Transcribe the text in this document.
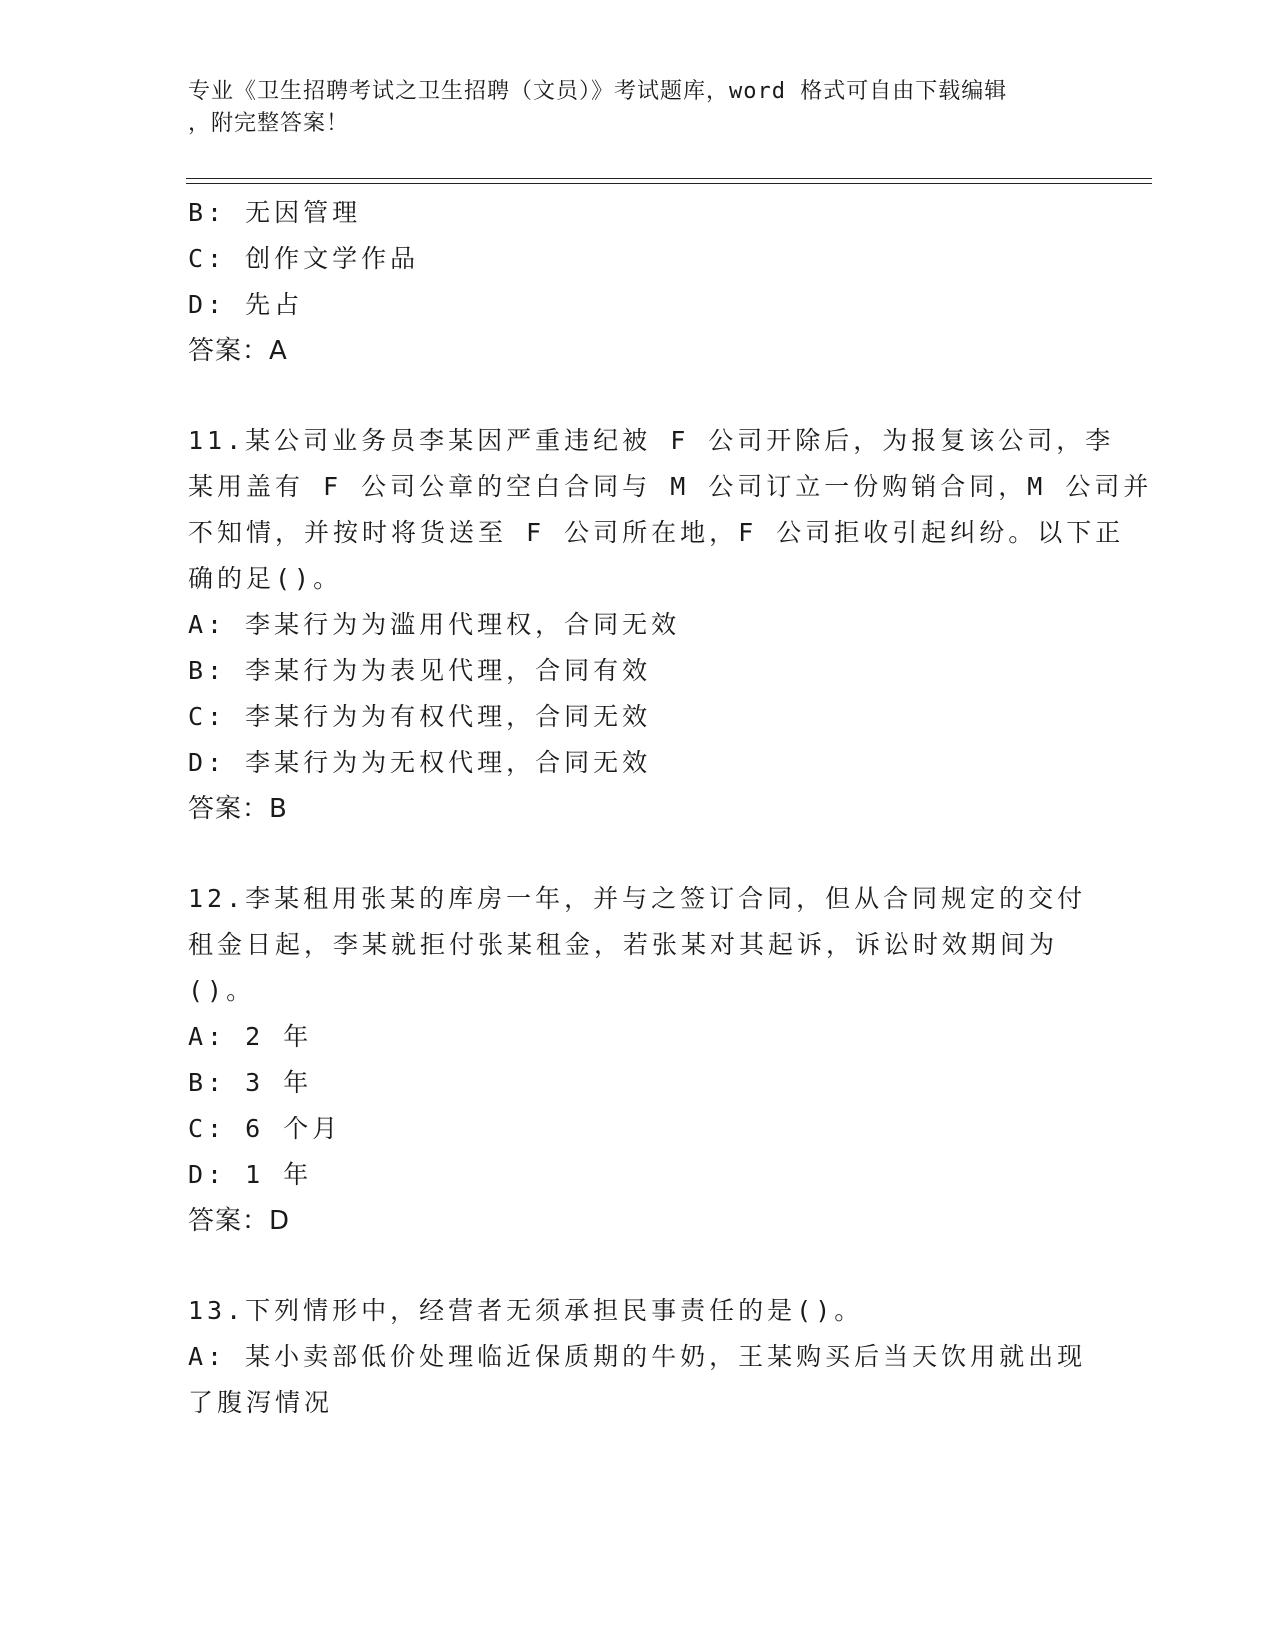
专业《卫生招聘考试之卫生招聘（文员）》考试题库，word 格式可自由下载编辑
，附完整答案！
B: 无因管理
C: 创作文学作品
D: 先占
答案：A
11.某公司业务员李某因严重违纪被 F 公司开除后，为报复该公司，李
某用盖有 F 公司公章的空白合同与 M 公司订立一份购销合同，M 公司并
不知情，并按时将货送至 F 公司所在地，F 公司拒收引起纠纷。以下正
确的足()。
A: 李某行为为滥用代理权，合同无效
B: 李某行为为表见代理，合同有效
C: 李某行为为有权代理，合同无效
D: 李某行为为无权代理，合同无效
答案：B
12.李某租用张某的库房一年，并与之签订合同，但从合同规定的交付
租金日起，李某就拒付张某租金，若张某对其起诉，诉讼时效期间为
()。
A: 2 年
B: 3 年
C: 6 个月
D: 1 年
答案：D
13.下列情形中，经营者无须承担民事责任的是()。
A: 某小卖部低价处理临近保质期的牛奶，王某购买后当天饮用就出现
了腹泻情况
